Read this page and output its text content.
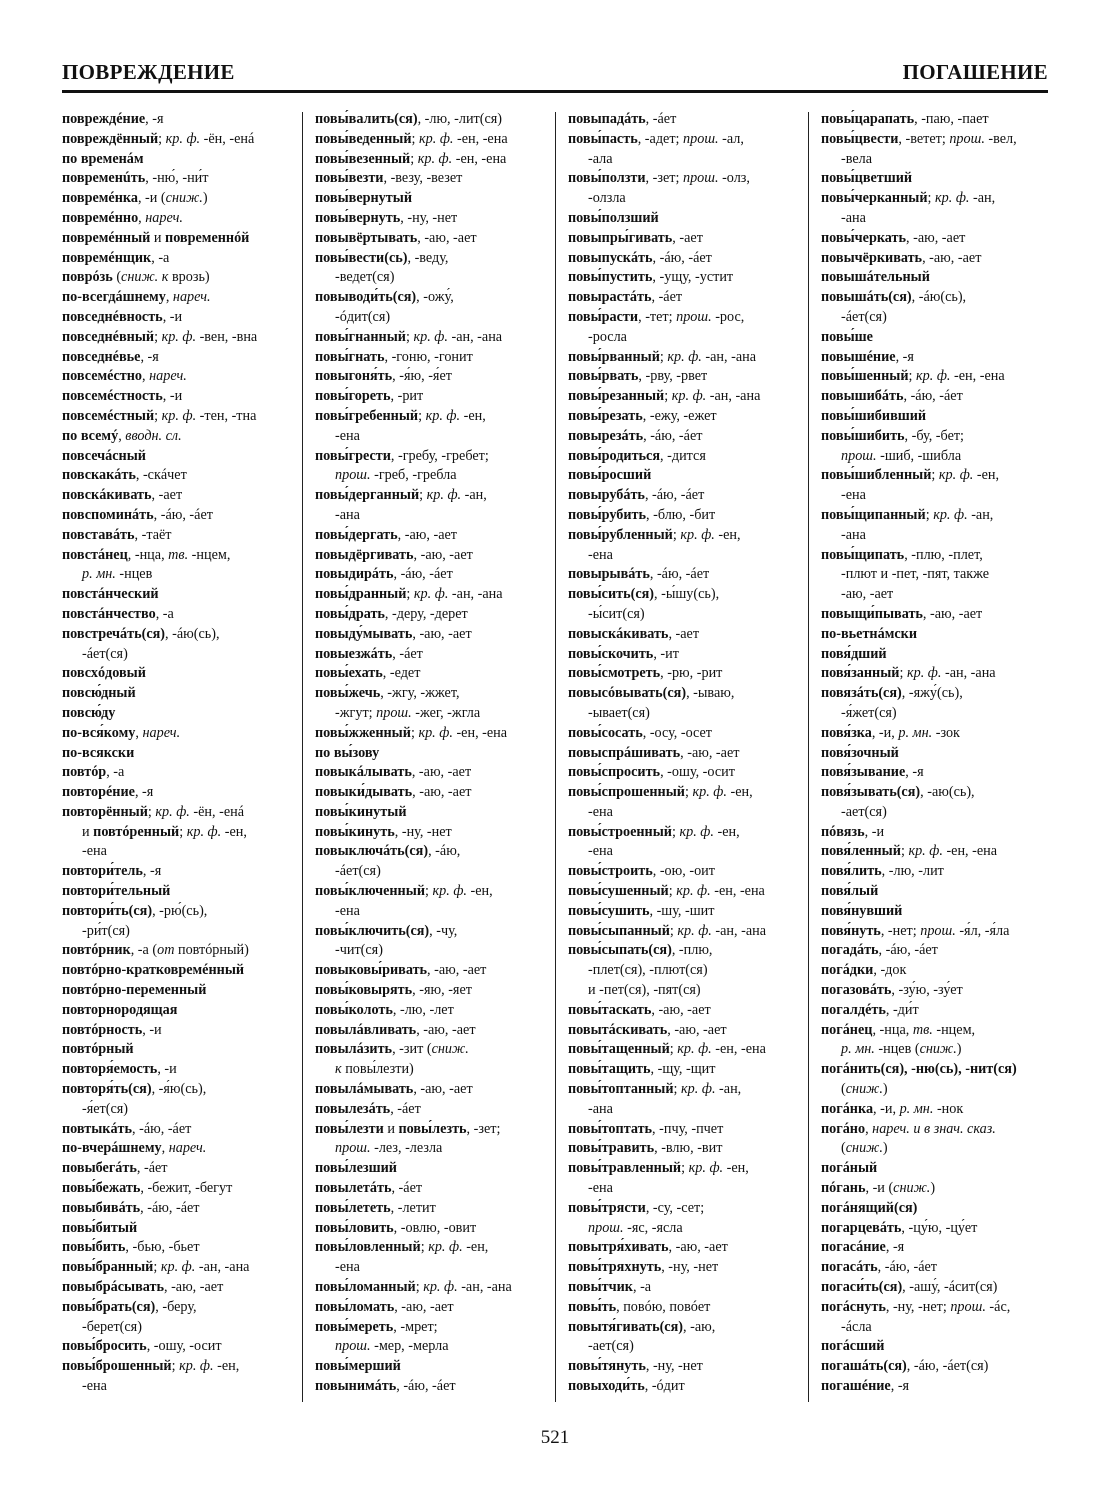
ПОВРЕЖДЕНИЕ	ПОГАШЕНИЕ
повреждéние, -я
повреждённый; кр. ф. -ён, -енá
по временáм
повременúть, -ню́, -ни́т
повремéнка, -и (сниж.)
повремéнно, нареч.
повремéнный и повременнóй
повремéнщик, -а
поврóзь (сниж. к врозь)
по-всегдáшнему, нареч.
повседнéвность, -и
повседнéвный; кр. ф. -вен, -вна
повседнéвье, -я
повсемéстно, нареч.
повсемéстность, -и
повсемéстный; кр. ф. -тен, -тна
по всемý, вводн. сл.
повсечáсный
повскакáть, -скáчет
повскáкивать, -ает
повспоминáть, -áю, -áет
повставáть, -таёт
повстáнец, -нца, тв. -нцем,
р. мн. -нцев
повстáнческий
повстáнчество, -а
повстречáть(ся), -áю(сь),
-áет(ся)
повсхóдовый
повсю́дный
повсю́ду
по-вся́кому, нареч.
по-всякски
повтóр, -а
повторéние, -я
повторённый; кр. ф. -ён, -енá
и повтóренный; кр. ф. -ен,
-ена
повтори́тель, -я
повтори́тельный
повтори́ть(ся), -рю́(сь),
-ри́т(ся)
повтóрник, -а (от повтóрный)
повтóрно-кратковремéнный
повтóрно-переменный
повторнородящая
повтóрность, -и
повтóрный
повторя́емость, -и
повторя́ть(ся), -я́ю(сь),
-я́ет(ся)
повтыкáть, -áю, -áет
по-вчерáшнему, нареч.
повыбегáть, -áет
повы́бежать, -бежит, -бегут
повыбивáть, -áю, -áет
повы́битый
повы́бить, -бью, -бьет
повы́бранный; кр. ф. -ан, -ана
повыбрáсывать, -аю, -ает
повы́брать(ся), -беру,
-берет(ся)
повы́бросить, -ошу, -осит
повы́брошенный; кр. ф. -ен,
-ена
повы́валить(ся), -лю, -лит(ся)
повы́веденный; кр. ф. -ен, -ена
повы́везенный; кр. ф. -ен, -ена
повы́везти, -везу, -везет
повы́вернутый
повы́вернуть, -ну, -нет
повывёртывать, -аю, -ает
повы́вести(сь), -веду,
-ведет(ся)
повыводи́ть(ся), -ожу́,
-óдит(ся)
повы́гнанный; кр. ф. -ан, -ана
повы́гнать, -гоню, -гонит
повыгоня́ть, -я́ю, -я́ет
повы́гореть, -рит
повы́гребенный; кр. ф. -ен,
-ена
повы́грести, -гребу, -гребет;
прош. -греб, -гребла
повы́дерганный; кр. ф. -ан,
-ана
повы́дергать, -аю, -ает
повыдёргивать, -аю, -ает
повыдирáть, -áю, -áет
повы́дранный; кр. ф. -ан, -ана
повы́драть, -деру, -дерет
повыду́мывать, -аю, -ает
повыезжáть, -áет
повы́ехать, -едет
повы́жечь, -жгу, -жжет,
-жгут; прош. -жег, -жгла
повы́жженный; кр. ф. -ен, -ена
по вы́зову
повыкáлывать, -аю, -ает
повыки́дывать, -аю, -ает
повы́кинутый
повы́кинуть, -ну, -нет
повыключáть(ся), -áю,
-áет(ся)
повы́ключенный; кр. ф. -ен,
-ена
повы́ключить(ся), -чу,
-чит(ся)
повыковы́ривать, -аю, -ает
повы́ковырять, -яю, -яет
повы́колоть, -лю, -лет
повылáвливать, -аю, -ает
повылáзить, -зит (сниж.
к повы́лезти)
повылáмывать, -аю, -ает
повылезáть, -áет
повы́лезти и повы́лезть, -зет;
прош. -лез, -лезла
повы́лезший
повылетáть, -áет
повы́лететь, -летит
повы́ловить, -овлю, -овит
повы́ловленный; кр. ф. -ен,
-ена
повы́ломанный; кр. ф. -ан, -ана
повы́ломать, -аю, -ает
повы́мереть, -мрет;
прош. -мер, -мерла
повы́мерший
повынимáть, -áю, -áет
повыпадáть, -áет
повы́пасть, -адет; прош. -ал,
-ала
повы́ползти, -зет; прош. -олз,
-олзла
повы́ползший
повыпры́гивать, -ает
повыпускáть, -áю, -áет
повы́пустить, -ущу, -устит
повырастáть, -áет
повы́расти, -тет; прош. -рос,
-росла
повы́рванный; кр. ф. -ан, -ана
повы́рвать, -рву, -рвет
повы́резанный; кр. ф. -ан, -ана
повы́резать, -ежу, -ежет
повырезáть, -áю, -áет
повы́родиться, -дится
повы́росший
повырубáть, -áю, -áет
повы́рубить, -блю, -бит
повы́рубленный; кр. ф. -ен,
-ена
повырывáть, -áю, -áет
повы́сить(ся), -ы́шу(сь),
-ы́сит(ся)
повыскáкивать, -ает
повы́скочить, -ит
повы́смотреть, -рю, -рит
повысóвывать(ся), -ываю,
-ывает(ся)
повы́сосать, -осу, -осет
повыспрáшивать, -аю, -ает
повы́спросить, -ошу, -осит
повы́спрошенный; кр. ф. -ен,
-ена
повы́строенный; кр. ф. -ен,
-ена
повы́строить, -ою, -оит
повы́сушенный; кр. ф. -ен, -ена
повы́сушить, -шу, -шит
повы́сыпанный; кр. ф. -ан, -ана
повы́сыпать(ся), -плю,
-плет(ся), -плют(ся)
и -пет(ся), -пят(ся)
повы́таскать, -аю, -ает
повытáскивать, -аю, -ает
повы́тащенный; кр. ф. -ен, -ена
повы́тащить, -щу, -щит
повы́топтанный; кр. ф. -ан,
-ана
повы́топтать, -пчу, -пчет
повы́травить, -влю, -вит
повы́травленный; кр. ф. -ен,
-ена
повы́трясти, -су, -сет;
прош. -яс, -ясла
повытря́хивать, -аю, -ает
повы́тряхнуть, -ну, -нет
повы́тчик, -а
повы́ть, повóю, повóет
повытя́гивать(ся), -аю,
-ает(ся)
повы́тянуть, -ну, -нет
повыходи́ть, -óдит
повы́царапать, -паю, -пает
повы́цвести, -ветет; прош. -вел,
-вела
повы́цветший
повы́черканный; кр. ф. -ан,
-ана
повы́черкать, -аю, -ает
повычёркивать, -аю, -ает
повышáтельный
повышáть(ся), -áю(сь),
-áет(ся)
повы́ше
повышéние, -я
повы́шенный; кр. ф. -ен, -ена
повышибáть, -áю, -áет
повы́шибивший
повы́шибить, -бу, -бет;
прош. -шиб, -шибла
повы́шибленный; кр. ф. -ен,
-ена
повы́щипанный; кр. ф. -ан,
-ана
повы́щипать, -плю, -плет,
-плют и -пет, -пят, также
-аю, -ает
повыщи́пывать, -аю, -ает
по-вьетнáмски
повя́дший
повя́занный; кр. ф. -ан, -ана
повязáть(ся), -яжу́(сь),
-я́жет(ся)
повя́зка, -и, р. мн. -зок
повя́зочный
повя́зывание, -я
повя́зывать(ся), -аю(сь),
-ает(ся)
пóвязь, -и
повя́ленный; кр. ф. -ен, -ена
повя́лить, -лю, -лит
повя́лый
повя́нувший
повя́нуть, -нет; прош. -я́л, -я́ла
погадáть, -áю, -áет
погáдки, -док
погазовáть, -зу́ю, -зу́ет
погалдéть, -ди́т
погáнец, -нца, тв. -нцем,
р. мн. -нцев (сниж.)
погáнить(ся), -ню(сь), -нит(ся)
(сниж.)
погáнка, -и, р. мн. -нок
погáно, нареч. и в знач. сказ.
(сниж.)
погáный
пóгань, -и (сниж.)
погáнящий(ся)
погарцевáть, -цу́ю, -цу́ет
погасáние, -я
погасáть, -áю, -áет
погаси́ть(ся), -ашу́, -áсит(ся)
погáснуть, -ну, -нет; прош. -áс,
-áсла
погáсший
погашáть(ся), -áю, -áет(ся)
погашéние, -я
521
